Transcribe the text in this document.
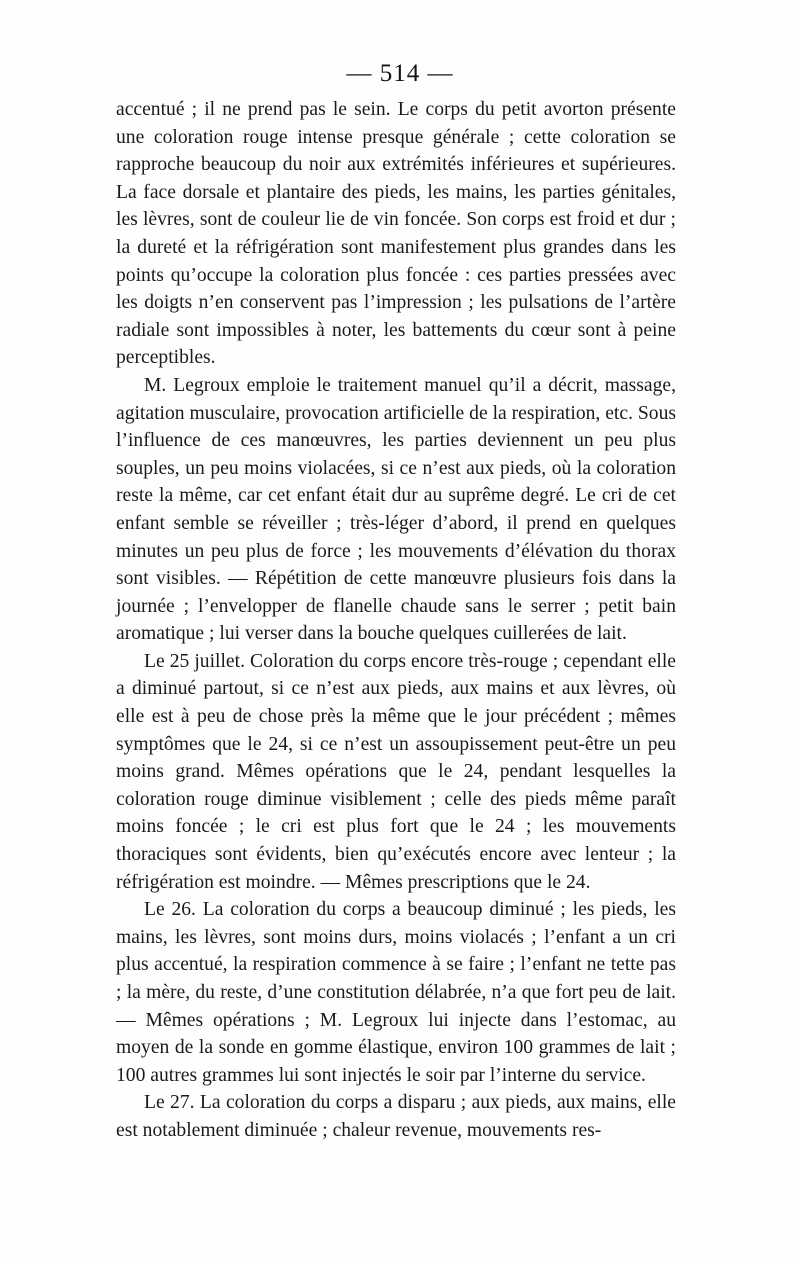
— 514 —

accentué ; il ne prend pas le sein. Le corps du petit avorton présente une coloration rouge intense presque générale ; cette coloration se rapproche beaucoup du noir aux extrémités inférieures et supérieures. La face dorsale et plantaire des pieds, les mains, les parties génitales, les lèvres, sont de couleur lie de vin foncée. Son corps est froid et dur ; la dureté et la réfrigération sont manifestement plus grandes dans les points qu’occupe la coloration plus foncée : ces parties pressées avec les doigts n’en conservent pas l’impression ; les pulsations de l’artère radiale sont impossibles à noter, les battements du cœur sont à peine perceptibles.

M. Legroux emploie le traitement manuel qu’il a décrit, massage, agitation musculaire, provocation artificielle de la respiration, etc. Sous l’influence de ces manœuvres, les parties deviennent un peu plus souples, un peu moins violacées, si ce n’est aux pieds, où la coloration reste la même, car cet enfant était dur au suprême degré. Le cri de cet enfant semble se réveiller ; très-léger d’abord, il prend en quelques minutes un peu plus de force ; les mouvements d’élévation du thorax sont visibles. — Répétition de cette manœuvre plusieurs fois dans la journée ; l’envelopper de flanelle chaude sans le serrer ; petit bain aromatique ; lui verser dans la bouche quelques cuillerées de lait.

Le 25 juillet. Coloration du corps encore très-rouge ; cependant elle a diminué partout, si ce n’est aux pieds, aux mains et aux lèvres, où elle est à peu de chose près la même que le jour précédent ; mêmes symptômes que le 24, si ce n’est un assoupissement peut-être un peu moins grand. Mêmes opérations que le 24, pendant lesquelles la coloration rouge diminue visiblement ; celle des pieds même paraît moins foncée ; le cri est plus fort que le 24 ; les mouvements thoraciques sont évidents, bien qu’exécutés encore avec lenteur ; la réfrigération est moindre. — Mêmes prescriptions que le 24.

Le 26. La coloration du corps a beaucoup diminué ; les pieds, les mains, les lèvres, sont moins durs, moins violacés ; l’enfant a un cri plus accentué, la respiration commence à se faire ; l’enfant ne tette pas ; la mère, du reste, d’une constitution délabrée, n’a que fort peu de lait. — Mêmes opérations ; M. Legroux lui injecte dans l’estomac, au moyen de la sonde en gomme élastique, environ 100 grammes de lait ; 100 autres grammes lui sont injectés le soir par l’interne du service.

Le 27. La coloration du corps a disparu ; aux pieds, aux mains, elle est notablement diminuée ; chaleur revenue, mouvements res-
